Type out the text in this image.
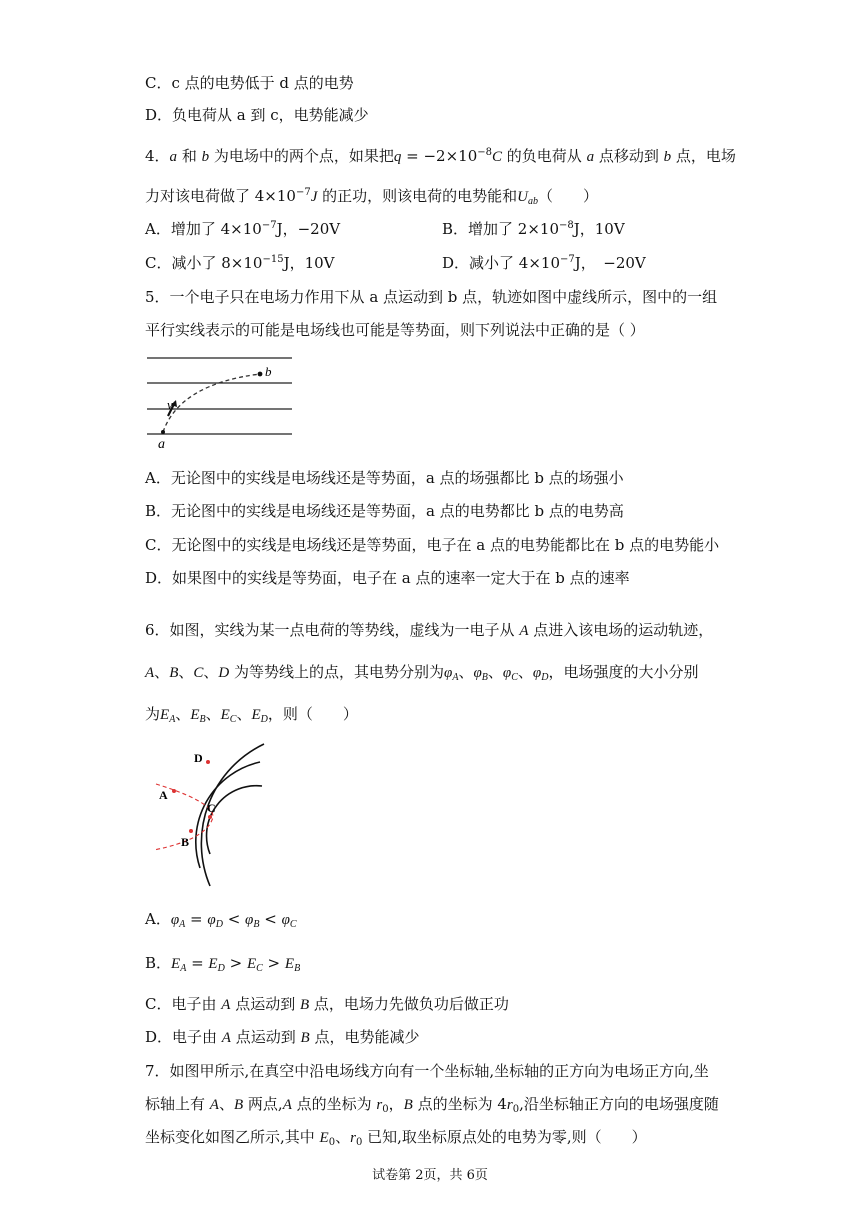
C．c 点的电势低于 d 点的电势
D．负电荷从 a 到 c，电势能减少
4．a 和 b 为电场中的两个点，如果把$q = -2\times 10^{-8}C$ 的负电荷从 a 点移动到 b 点，电场
力对该电荷做了 $4\times 10^{-7}J$ 的正功，则该电荷的电势能和$U_{ab}$（　　）
A．增加了 $4\times 10^{-7}J$，−20V	B．增加了 $2\times 10^{-8}J$，10V
C．减小了 $8\times 10^{-15}J$，10V	D．减小了 $4\times 10^{-7}J$，　−20V
5．一个电子只在电场力作用下从 a 点运动到 b 点，轨迹如图中虚线所示，图中的一组
平行实线表示的可能是电场线也可能是等势面，则下列说法中正确的是（ ）
a
b
v
A．无论图中的实线是电场线还是等势面，a 点的场强都比 b 点的场强小
B．无论图中的实线是电场线还是等势面，a 点的电势都比 b 点的电势高
C．无论图中的实线是电场线还是等势面，电子在 a 点的电势能都比在 b 点的电势能小
D．如果图中的实线是等势面，电子在 a 点的速率一定大于在 b 点的速率
6．如图，实线为某一点电荷的等势线，虚线为一电子从 A 点进入该电场的运动轨迹，
A、B、C、D 为等势线上的点，其电势分别为$\varphi_A$、$\varphi_B$、$\varphi_C$、$\varphi_D$，电场强度的大小分别
为$E_A$、$E_B$、$E_C$、$E_D$，则（　　）
A
B
C
D
A．$\varphi_A = \varphi_D < \varphi_B < \varphi_C$
B．$E_A = E_D > E_C > E_B$
C．电子由 A 点运动到 B 点，电场力先做负功后做正功
D．电子由 A 点运动到 B 点，电势能减少
7．如图甲所示,在真空中沿电场线方向有一个坐标轴,坐标轴的正方向为电场正方向,坐
标轴上有 A、B 两点,A 点的坐标为 $r_0$，B 点的坐标为 $4r_0$,沿坐标轴正方向的电场强度随
坐标变化如图乙所示,其中 $E_0$、$r_0$ 已知,取坐标原点处的电势为零,则（　　）
试卷第 2页，共 6页
